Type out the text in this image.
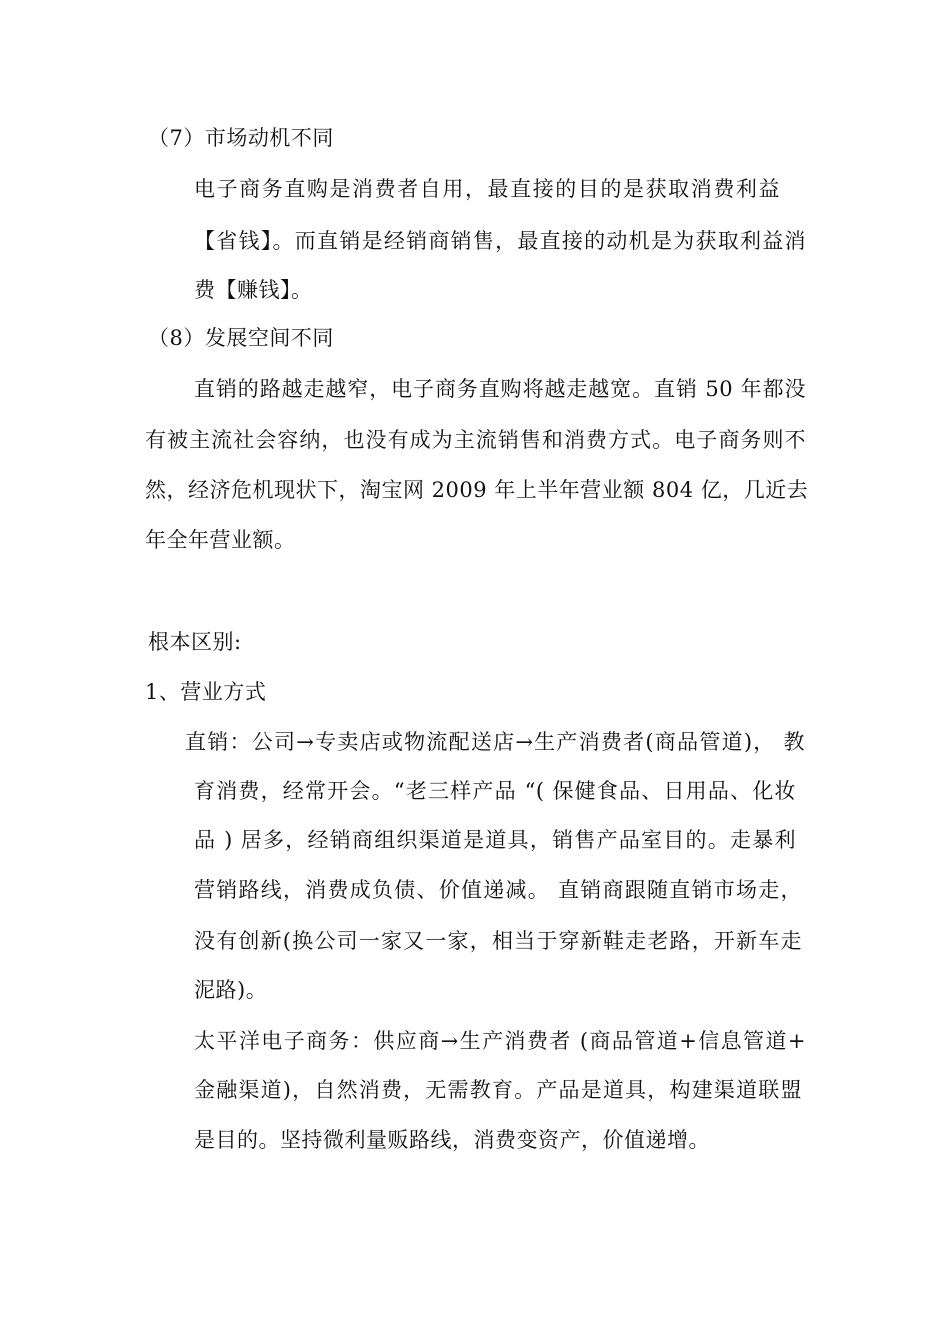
（7）市场动机不同
电子商务直购是消费者自用，最直接的目的是获取消费利益
【省钱】。而直销是经销商销售，最直接的动机是为获取利益消
费【赚钱】。
（8）发展空间不同
直销的路越走越窄，电子商务直购将越走越宽。直销 50 年都没
有被主流社会容纳，也没有成为主流销售和消费方式。电子商务则不
然，经济危机现状下，淘宝网 2009 年上半年营业额 804 亿，几近去
年全年营业额。
根本区别:
1、营业方式
直销：公司→专卖店或物流配送店→生产消费者(商品管道)， 教
育消费，经常开会。“老三样产品 “( 保健食品、日用品、化妆
品 ) 居多，经销商组织渠道是道具，销售产品室目的。走暴利
营销路线，消费成负债、价值递减。 直销商跟随直销市场走，
没有创新(换公司一家又一家，相当于穿新鞋走老路，开新车走
泥路)。
太平洋电子商务：供应商→生产消费者 (商品管道+信息管道+
金融渠道)，自然消费，无需教育。产品是道具，构建渠道联盟
是目的。坚持微利量贩路线，消费变资产，价值递增。
